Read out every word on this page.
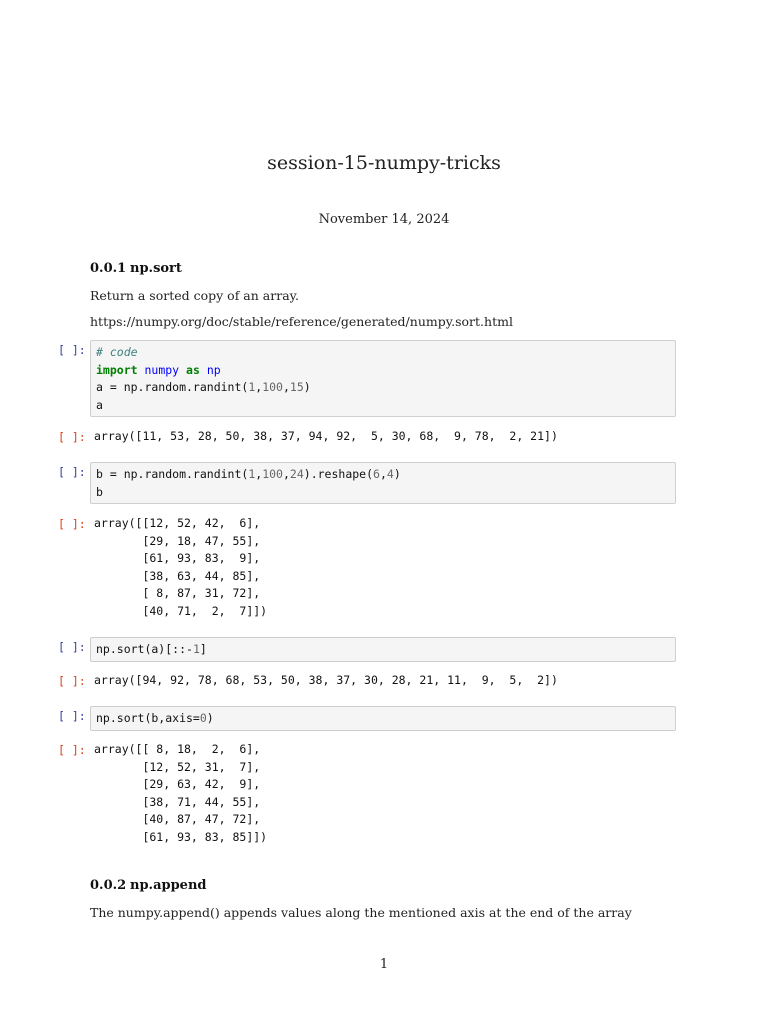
session-15-numpy-tricks
November 14, 2024
0.0.1 np.sort
Return a sorted copy of an array.
https://numpy.org/doc/stable/reference/generated/numpy.sort.html
[ ]: # code
import numpy as np
a = np.random.randint(1,100,15)
a
[ ]: array([11, 53, 28, 50, 38, 37, 94, 92,  5, 30, 68,  9, 78,  2, 21])
[ ]: b = np.random.randint(1,100,24).reshape(6,4)
b
[ ]: array([[12, 52, 42,  6],
[29, 18, 47, 55],
[61, 93, 83,  9],
[38, 63, 44, 85],
[ 8, 87, 31, 72],
[40, 71,  2,  7]])
[ ]: np.sort(a)[::-1]
[ ]: array([94, 92, 78, 68, 53, 50, 38, 37, 30, 28, 21, 11,  9,  5,  2])
[ ]: np.sort(b,axis=0)
[ ]: array([[ 8, 18,  2,  6],
[12, 52, 31,  7],
[29, 63, 42,  9],
[38, 71, 44, 55],
[40, 87, 47, 72],
[61, 93, 83, 85]])
0.0.2 np.append
The numpy.append() appends values along the mentioned axis at the end of the array
1
